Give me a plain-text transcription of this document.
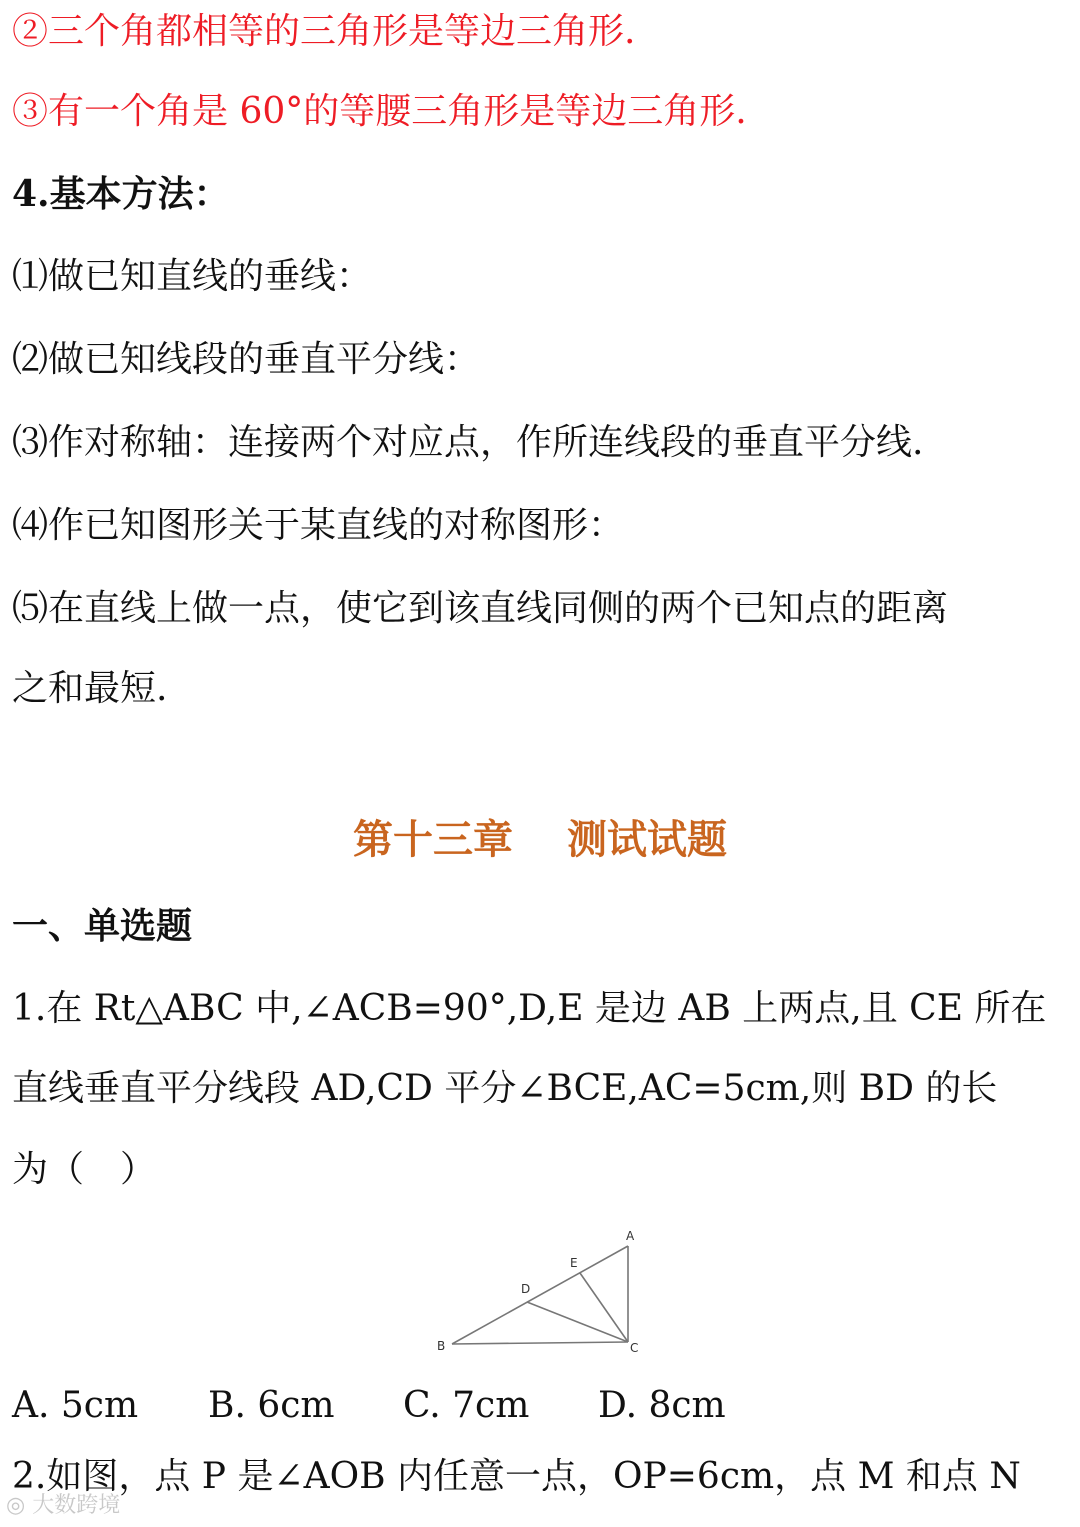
②三个角都相等的三角形是等边三角形.
③有一个角是 60°的等腰三角形是等边三角形.
4.基本方法：
⑴做已知直线的垂线：
⑵做已知线段的垂直平分线：
⑶作对称轴：连接两个对应点，作所连线段的垂直平分线.
⑷作已知图形关于某直线的对称图形：
⑸在直线上做一点，使它到该直线同侧的两个已知点的距离
之和最短.
第十三章　 测试试题
一、单选题
1.在 Rt△ABC 中,∠ACB=90°,D,E 是边 AB 上两点,且 CE 所在
直线垂直平分线段 AD,CD 平分∠BCE,AC=5cm,则 BD 的长
为（　）
A
B	C
D
E
A. 5cm B. 6cm C. 7cm D. 8cm
2.如图，点 P 是∠AOB 内任意一点，OP=6cm，点 M 和点 N
◎ 大数跨境
